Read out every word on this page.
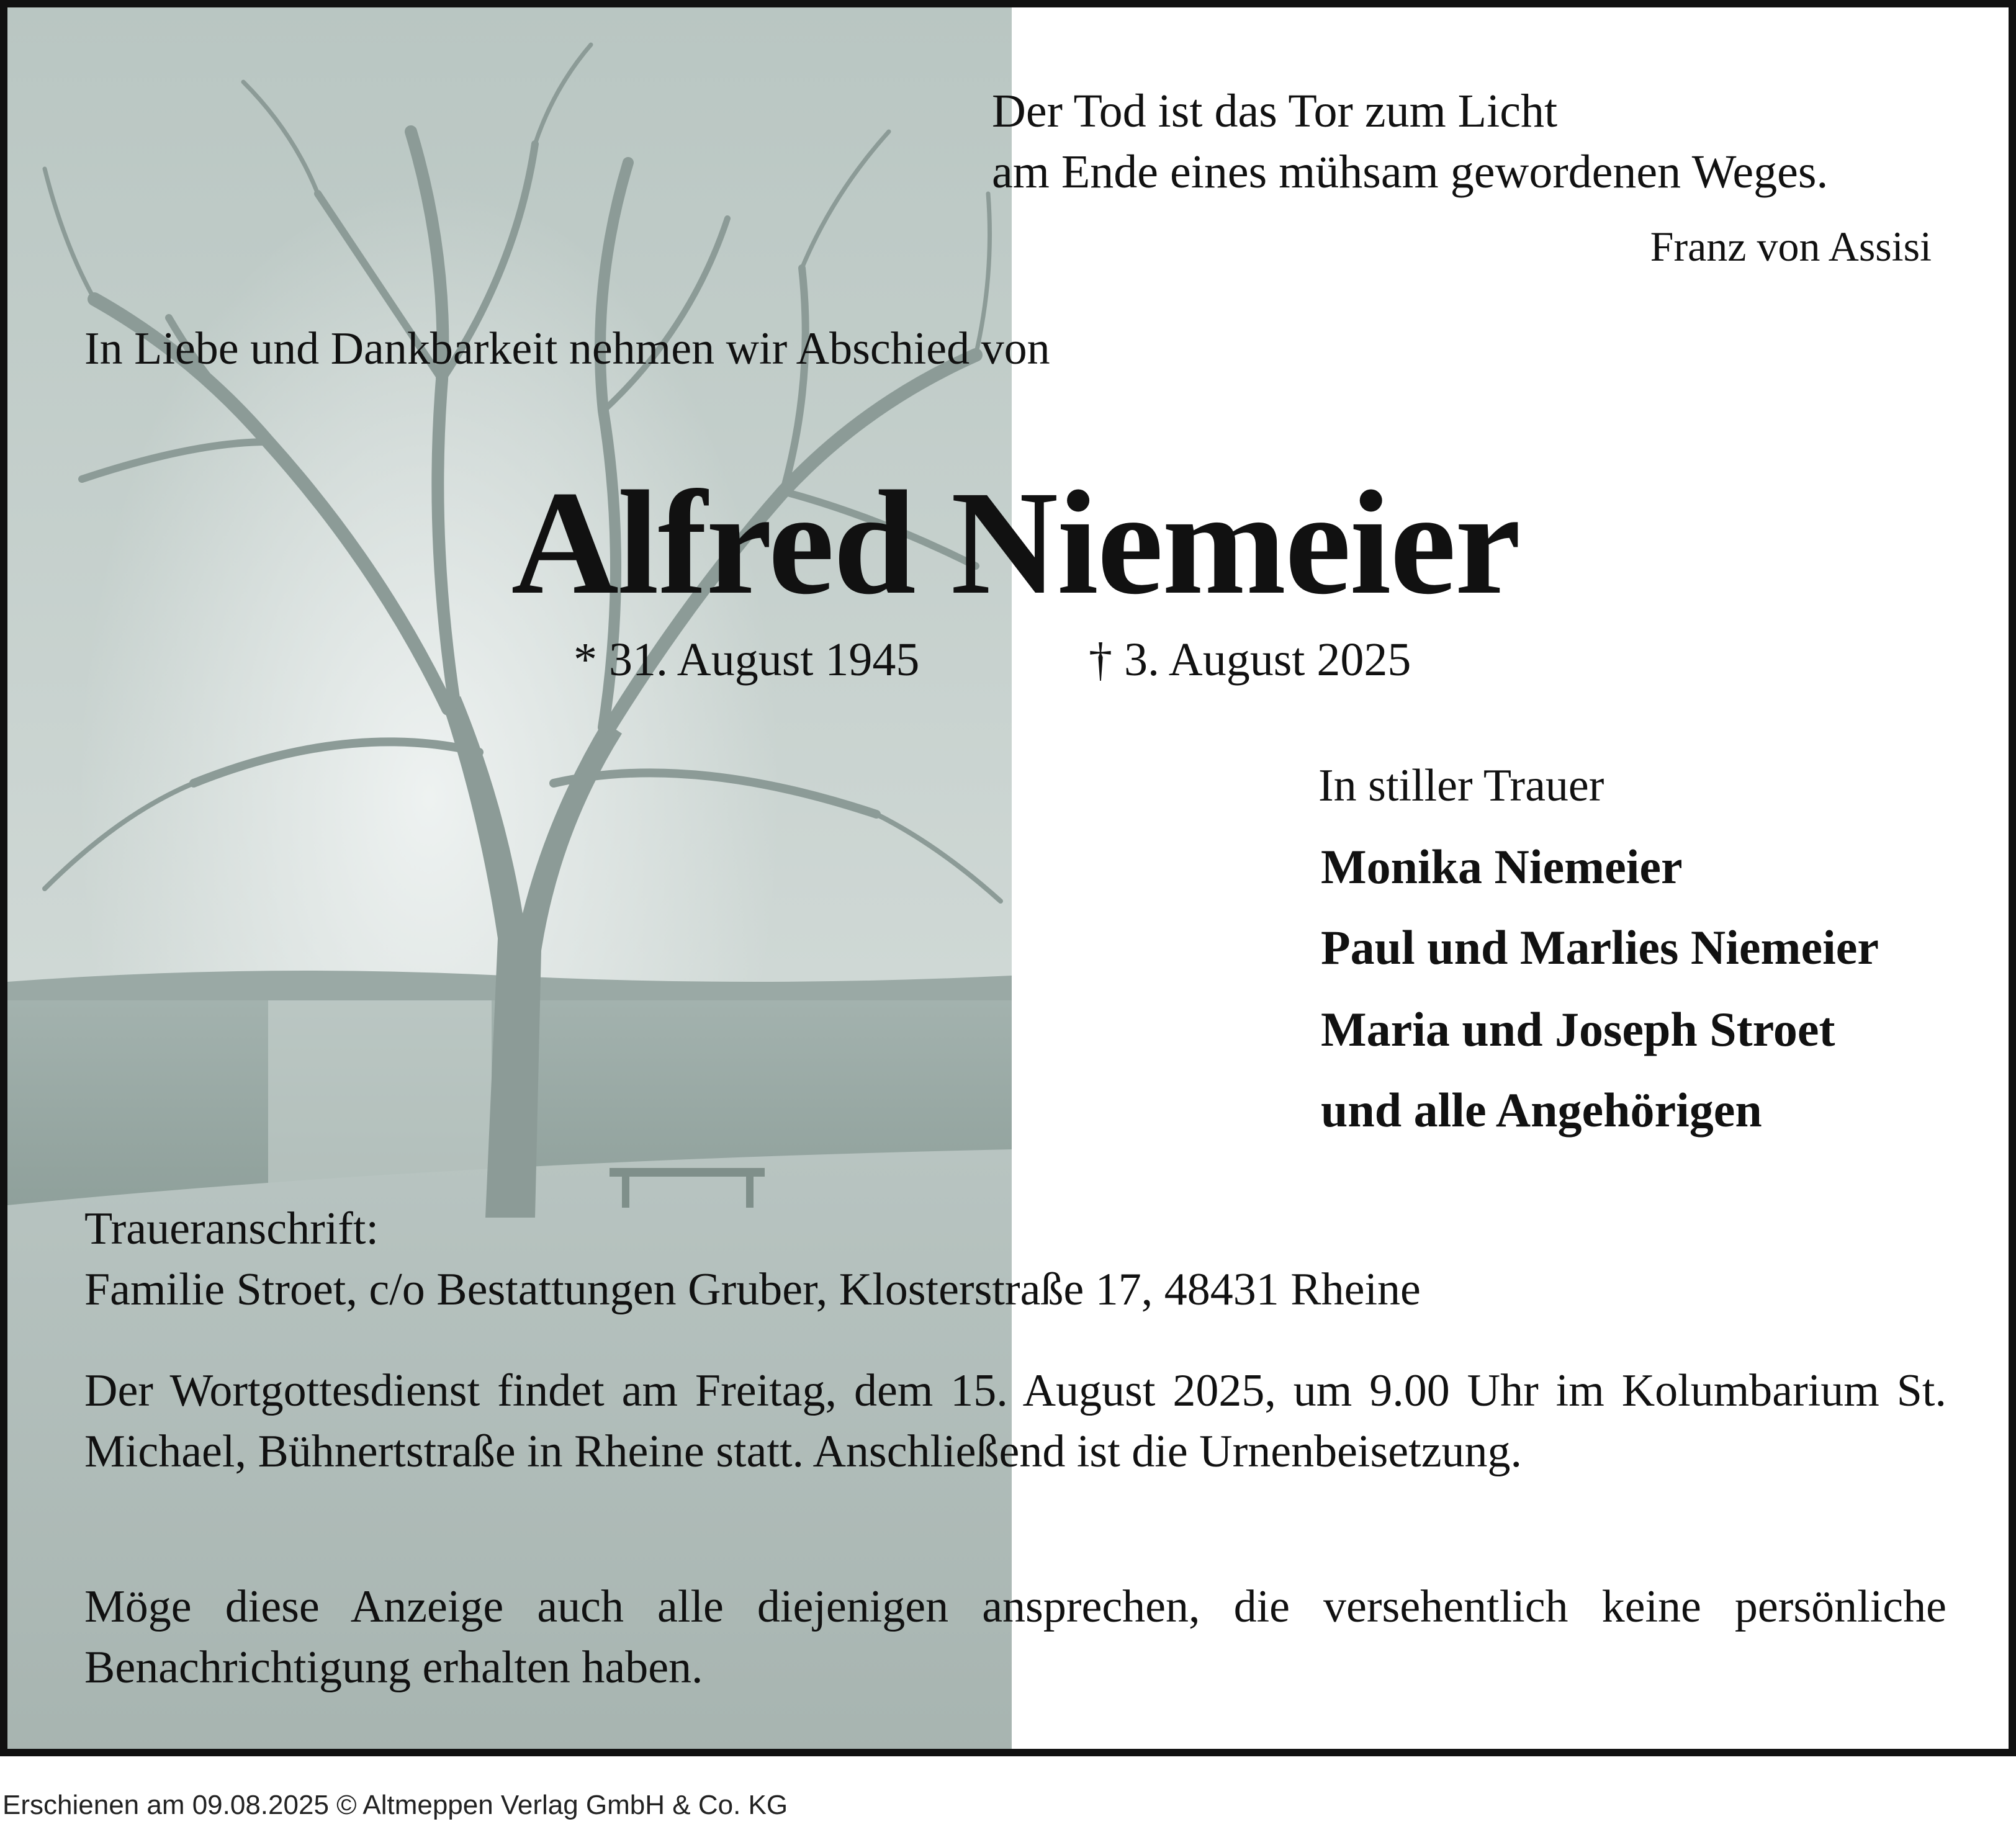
Der Tod ist das Tor zum Licht
am Ende eines mühsam gewordenen Weges.
Franz von Assisi
In Liebe und Dankbarkeit nehmen wir Abschied von
Alfred Niemeier
* 31. August 1945	† 3. August 2025
In stiller Trauer
Monika Niemeier
Paul und Marlies Niemeier
Maria und Joseph Stroet
und alle Angehörigen
Traueranschrift:
Familie Stroet, c/o Bestattungen Gruber, Klosterstraße 17, 48431 Rheine
Der Wortgottesdienst findet am Freitag, dem 15. August 2025, um 9.00 Uhr im Kolumbarium St. Michael, Bühnertstraße in Rheine statt. Anschließend ist die Urnenbeisetzung.
Möge diese Anzeige auch alle diejenigen ansprechen, die versehentlich keine persönliche Benachrichtigung erhalten haben.
Erschienen am 09.08.2025 © Altmeppen Verlag GmbH & Co. KG
